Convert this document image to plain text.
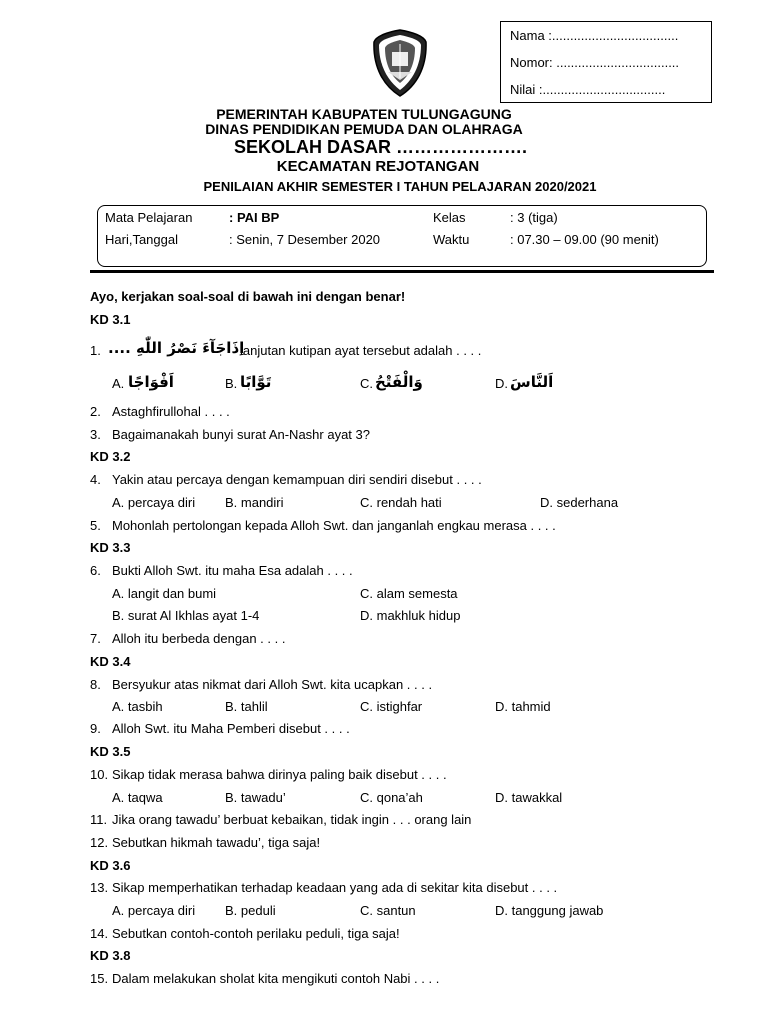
Nama :...................................
Nomor: ..................................
Nilai :..................................
PEMERINTAH KABUPATEN TULUNGAGUNG
DINAS PENDIDIKAN PEMUDA DAN OLAHRAGA
SEKOLAH DASAR ………………….
KECAMATAN REJOTANGAN
PENILAIAN AKHIR SEMESTER I TAHUN PELAJARAN 2020/2021
Mata Pelajaran	: PAI BP	Kelas	: 3 (tiga)
Hari,Tanggal	: Senin, 7 Desember 2020	Waktu	: 07.30 – 09.00 (90 menit)
Ayo, kerjakan soal-soal di bawah ini dengan benar!
KD 3.1
1. اِذَاجَآءَ نَصْرُ اللّٰهِ ....
lanjutan kutipan ayat tersebut adalah . . . .
A. اَفْوَاجًا	B. تَوَّابًا	C. وَالْفَتْحُ	D. اَلنَّاسَ
2. Astaghfirullohal . . . .
3. Bagaimanakah bunyi surat An-Nashr ayat 3?
KD 3.2
4. Yakin atau percaya dengan kemampuan diri sendiri disebut . . . .
A. percaya diri B. mandiri	C. rendah hati	D. sederhana
5. Mohonlah pertolongan kepada Alloh Swt. dan janganlah engkau merasa . . . .
KD 3.3
6. Bukti Alloh Swt. itu maha Esa adalah . . . .
A. langit dan bumi	C. alam semesta
B. surat Al Ikhlas ayat 1-4	D. makhluk hidup
7. Alloh itu berbeda dengan . . . .
KD 3.4
8. Bersyukur atas nikmat dari Alloh Swt. kita ucapkan . . . .
A. tasbih	B. tahlil	C. istighfar	D. tahmid
9. Alloh Swt. itu Maha Pemberi disebut . . . .
KD 3.5
10. Sikap tidak merasa bahwa dirinya paling baik disebut . . . .
A. taqwa	B. tawadu’	C. qona’ah	D. tawakkal
11. Jika orang tawadu’ berbuat kebaikan, tidak ingin . . . orang lain
12. Sebutkan hikmah tawadu’, tiga saja!
KD 3.6
13. Sikap memperhatikan terhadap keadaan yang ada di sekitar kita disebut . . . .
A. percaya diri B. peduli	C. santun	D. tanggung jawab
14. Sebutkan contoh-contoh perilaku peduli, tiga saja!
KD 3.8
15. Dalam melakukan sholat kita mengikuti contoh Nabi . . . .
